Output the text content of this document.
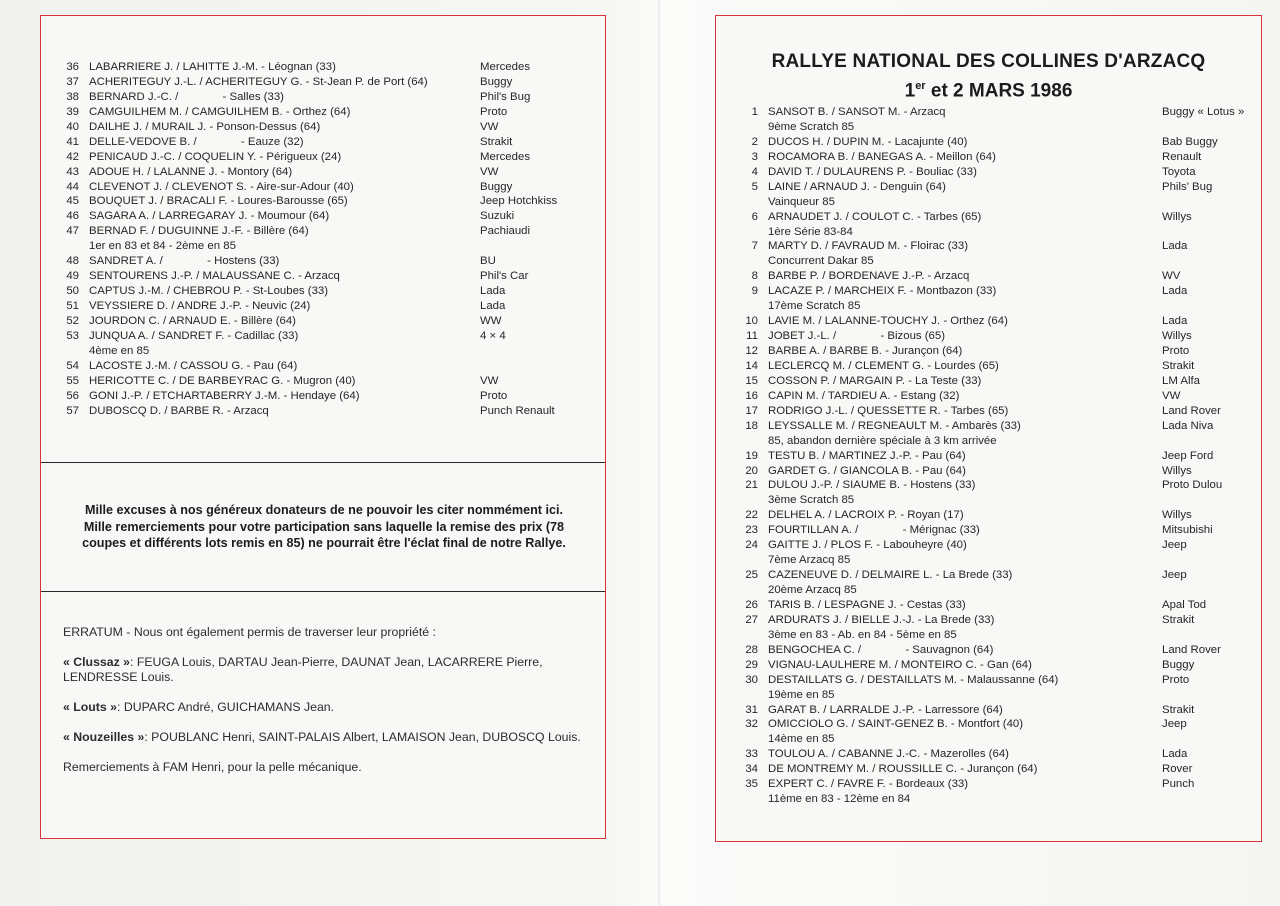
36 LABARRIERE J. / LAHITTE J.-M. - Léognan (33)	Mercedes
37 ACHERITEGUY J.-L. / ACHERITEGUY G. - St-Jean P. de Port (64)	Buggy
38 BERNARD J.-C. /              - Salles (33)	Phil's Bug
39 CAMGUILHEM M. / CAMGUILHEM B. - Orthez (64)	Proto
40 DAILHE J. / MURAIL J. - Ponson-Dessus (64)	VW
41 DELLE-VEDOVE B. /              - Eauze (32)	Strakit
42 PENICAUD J.-C. / COQUELIN Y. - Périgueux (24)	Mercedes
43 ADOUE H. / LALANNE J. - Montory (64)	VW
44 CLEVENOT J. / CLEVENOT S. - Aire-sur-Adour (40)	Buggy
45 BOUQUET J. / BRACALI F. - Loures-Barousse (65)	Jeep Hotchkiss
46 SAGARA A. / LARREGARAY J. - Moumour (64)	Suzuki
47 BERNAD F. / DUGUINNE J.-F. - Billère (64)	Pachiaudi
1er en 83 et 84 - 2ème en 85
48 SANDRET A. /              - Hostens (33)	BU
49 SENTOURENS J.-P. / MALAUSSANE C. - Arzacq	Phil's Car
50 CAPTUS J.-M. / CHEBROU P. - St-Loubes (33)	Lada
51 VEYSSIERE D. / ANDRE J.-P. - Neuvic (24)	Lada
52 JOURDON C. / ARNAUD E. - Billère (64)	WW
53 JUNQUA A. / SANDRET F. - Cadillac (33)	4 × 4
4ème en 85
54 LACOSTE J.-M. / CASSOU G. - Pau (64)
55 HERICOTTE C. / DE BARBEYRAC G. - Mugron (40)	VW
56 GONI J.-P. / ETCHARTABERRY J.-M. - Hendaye (64)	Proto
57 DUBOSCQ D. / BARBE R. - Arzacq	Punch Renault
Mille excuses à nos généreux donateurs de ne pouvoir les citer nommément ici.
Mille remerciements pour votre participation sans laquelle la remise des prix (78
coupes et différents lots remis en 85) ne pourrait être l'éclat final de notre Rallye.

ERRATUM - Nous ont également permis de traverser leur propriété :

« Clussaz »: FEUGA Louis, DARTAU Jean-Pierre, DAUNAT Jean, LACARRERE Pierre, LENDRESSE Louis.

« Louts »: DUPARC André, GUICHAMANS Jean.

« Nouzeilles »: POUBLANC Henri, SAINT-PALAIS Albert, LAMAISON Jean, DUBOSCQ Louis.

Remerciements à FAM Henri, pour la pelle mécanique.

RALLYE NATIONAL DES COLLINES D'ARZACQ
1er et 2 MARS 1986
1 SANSOT B. / SANSOT M. - Arzacq	Buggy « Lotus »
9ème Scratch 85
2 DUCOS H. / DUPIN M. - Lacajunte (40)	Bab Buggy
3 ROCAMORA B. / BANEGAS A. - Meillon (64)	Renault
4 DAVID T. / DULAURENS P. - Bouliac (33)	Toyota
5 LAINE / ARNAUD J. - Denguin (64)	Phils' Bug
Vainqueur 85
6 ARNAUDET J. / COULOT C. - Tarbes (65)	Willys
1ère Série 83-84
7 MARTY D. / FAVRAUD M. - Floirac (33)	Lada
Concurrent Dakar 85
8 BARBE P. / BORDENAVE J.-P. - Arzacq	WV
9 LACAZE P. / MARCHEIX F. - Montbazon (33)	Lada
17ème Scratch 85
10 LAVIE M. / LALANNE-TOUCHY J. - Orthez (64)	Lada
11 JOBET J.-L. /              - Bizous (65)	Willys
12 BARBE A. / BARBE B. - Jurançon (64)	Proto
14 LECLERCQ M. / CLEMENT G. - Lourdes (65)	Strakit
15 COSSON P. / MARGAIN P. - La Teste (33)	LM Alfa
16 CAPIN M. / TARDIEU A. - Estang (32)	VW
17 RODRIGO J.-L. / QUESSETTE R. - Tarbes (65)	Land Rover
18 LEYSSALLE M. / REGNEAULT M. - Ambarès (33)	Lada Niva
85, abandon dernière spéciale à 3 km arrivée
19 TESTU B. / MARTINEZ J.-P. - Pau (64)	Jeep Ford
20 GARDET G. / GIANCOLA B. - Pau (64)	Willys
21 DULOU J.-P. / SIAUME B. - Hostens (33)	Proto Dulou
3ème Scratch 85
22 DELHEL A. / LACROIX P. - Royan (17)	Willys
23 FOURTILLAN A. /              - Mérignac (33)	Mitsubishi
24 GAITTE J. / PLOS F. - Labouheyre (40)	Jeep
7ème Arzacq 85
25 CAZENEUVE D. / DELMAIRE L. - La Brede (33)	Jeep
20ème Arzacq 85
26 TARIS B. / LESPAGNE J. - Cestas (33)	Apal Tod
27 ARDURATS J. / BIELLE J.-J. - La Brede (33)	Strakit
3ème en 83 - Ab. en 84 - 5ème en 85
28 BENGOCHEA C. /              - Sauvagnon (64)	Land Rover
29 VIGNAU-LAULHERE M. / MONTEIRO C. - Gan (64)	Buggy
30 DESTAILLATS G. / DESTAILLATS M. - Malaussanne (64)	Proto
19ème en 85
31 GARAT B. / LARRALDE J.-P. - Larressore (64)	Strakit
32 OMICCIOLO G. / SAINT-GENEZ B. - Montfort (40)	Jeep
14ème en 85
33 TOULOU A. / CABANNE J.-C. - Mazerolles (64)	Lada
34 DE MONTREMY M. / ROUSSILLE C. - Jurançon (64)	Rover
35 EXPERT C. / FAVRE F. - Bordeaux (33)	Punch
11ème en 83 - 12ème en 84
